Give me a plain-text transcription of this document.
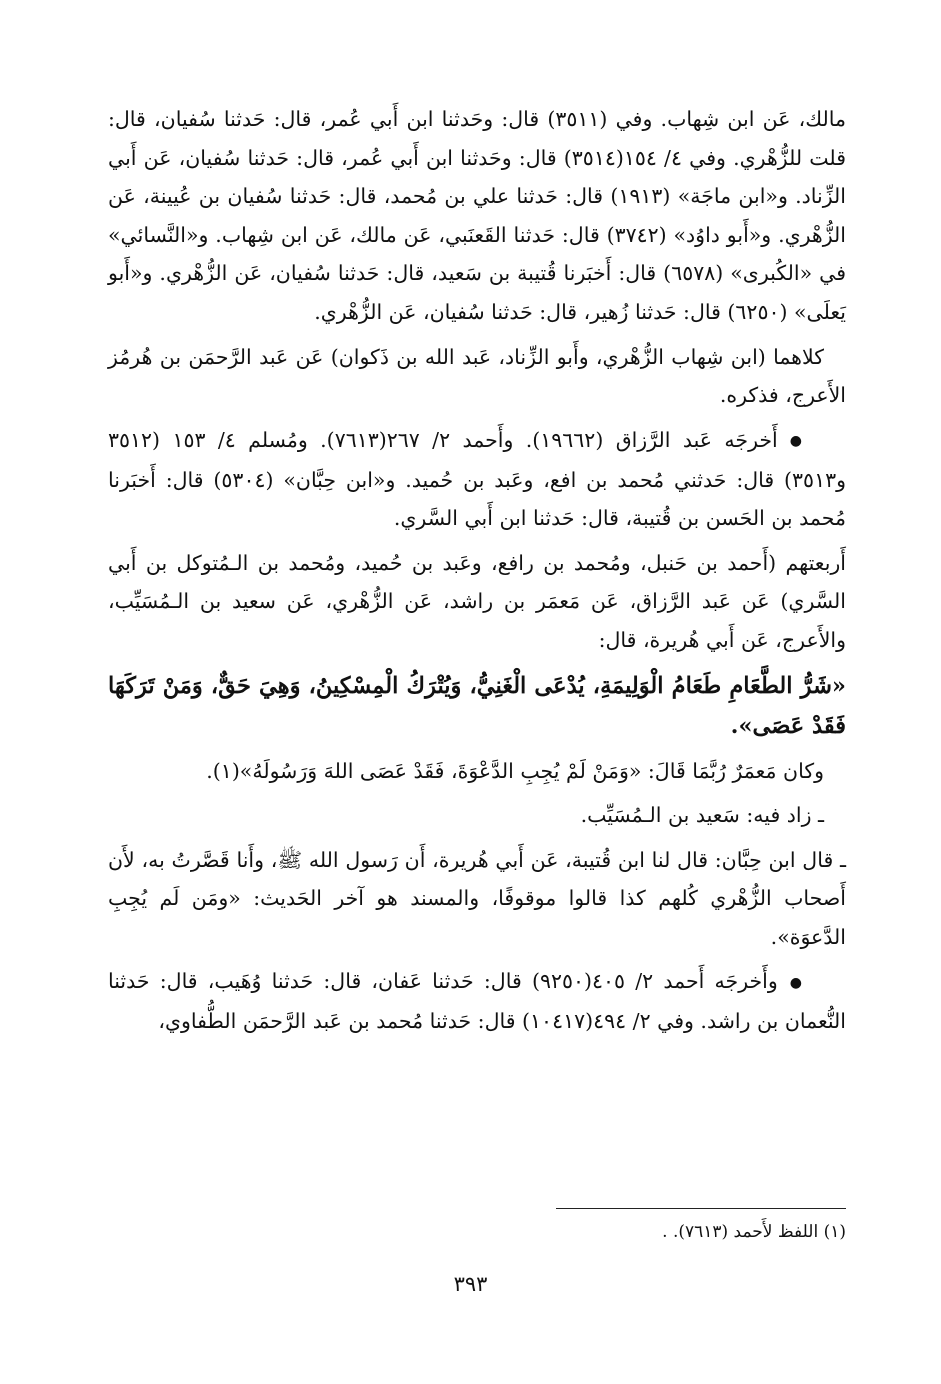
مالك، عَن ابن شِهاب. وفي (٣٥١١) قال: وحَدثنا ابن أَبي عُمر، قال: حَدثنا سُفيان، قال: قلت للزُّهْري. وفي ٤/ ١٥٤(٣٥١٤) قال: وحَدثنا ابن أَبي عُمر، قال: حَدثنا سُفيان، عَن أَبي الزِّناد. و«ابن ماجَة» (١٩١٣) قال: حَدثنا علي بن مُحمد، قال: حَدثنا سُفيان بن عُيينة، عَن الزُّهْري. و«أَبو داوُد» (٣٧٤٢) قال: حَدثنا القَعنَبي، عَن مالك، عَن ابن شِهاب. و«النَّسائي» في «الكُبرى» (٦٥٧٨) قال: أَخبَرنا قُتيبة بن سَعيد، قال: حَدثنا سُفيان، عَن الزُّهْري. و«أَبو يَعلَى» (٦٢٥٠) قال: حَدثنا زُهير، قال: حَدثنا سُفيان، عَن الزُّهْري.

كلاهما (ابن شِهاب الزُّهْري، وأَبو الزِّناد، عَبد الله بن ذَكوان) عَن عَبد الرَّحمَن بن هُرمُز الأَعرج، فذكره.

●أَخرجَه عَبد الرَّزاق (١٩٦٦٢). وأَحمد ٢/ ٢٦٧(٧٦١٣). ومُسلم ٤/ ١٥٣ (٣٥١٢ و٣٥١٣) قال: حَدثني مُحمد بن افع، وعَبد بن حُميد. و«ابن حِبَّان» (٥٣٠٤) قال: أَخبَرنا مُحمد بن الحَسن بن قُتيبة، قال: حَدثنا ابن أَبي السَّري.

أَربعتهم (أَحمد بن حَنبل، ومُحمد بن رافع، وعَبد بن حُميد، ومُحمد بن الـمُتوكل بن أَبي السَّري) عَن عَبد الرَّزاق، عَن مَعمَر بن راشد، عَن الزُّهْري، عَن سعيد بن الـمُسَيِّب، والأَعرج، عَن أَبي هُريرة، قال:

«شَرُّ الطَّعَامِ طَعَامُ الْوَلِيمَةِ، يُدْعَى الْغَنِيُّ، وَيُتْرَكُ الْمِسْكِينُ، وَهِيَ حَقٌّ، وَمَنْ تَرَكَهَا فَقَدْ عَصَى».

وكان مَعمَرٌ رُبَّمَا قَالَ: «وَمَنْ لَمْ يُجِبِ الدَّعْوَةَ، فَقَدْ عَصَى اللهَ وَرَسُولَهُ»(١).

ـ زاد فيه: سَعيد بن الـمُسَيِّب.

ـ قال ابن حِبَّان: قال لنا ابن قُتيبة، عَن أَبي هُريرة، أَن رَسول الله ﷺ، وأَنا قَصَّرتُ به، لأَن أَصحاب الزُّهْري كُلهم كذا قالوا موقوفًا، والمسند هو آخر الحَديث: «ومَن لَم يُجِبِ الدَّعوَة».

●وأَخرجَه أَحمد ٢/ ٤٠٥(٩٢٥٠) قال: حَدثنا عَفان، قال: حَدثنا وُهَيب، قال: حَدثنا النُّعمان بن راشد. وفي ٢/ ٤٩٤(١٠٤١٧) قال: حَدثنا مُحمد بن عَبد الرَّحمَن الطُّفاوي،

(١) اللفظ لأَحمد (٧٦١٣). .
٣٩٣
